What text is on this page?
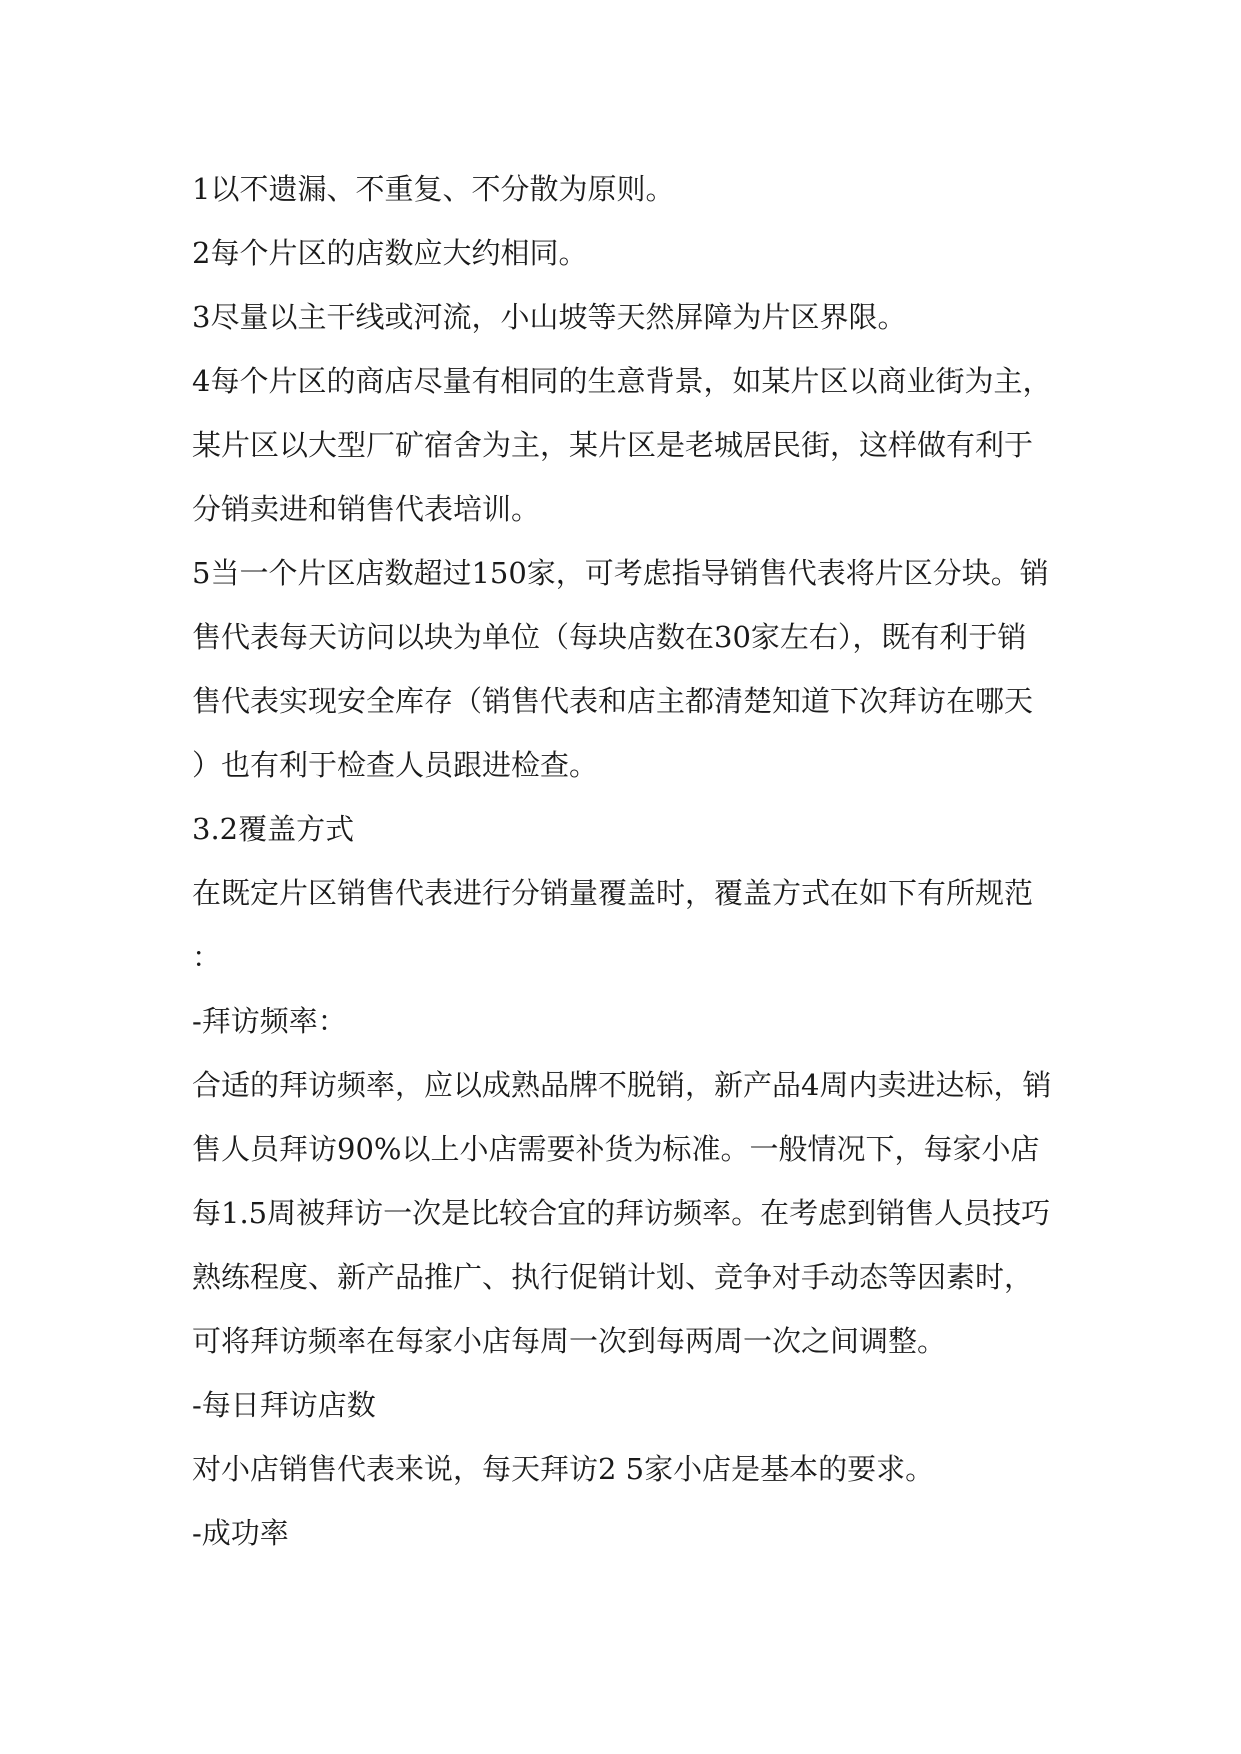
1以不遗漏、不重复、不分散为原则。
2每个片区的店数应大约相同。
3尽量以主干线或河流，小山坡等天然屏障为片区界限。
4每个片区的商店尽量有相同的生意背景，如某片区以商业街为主，
某片区以大型厂矿宿舍为主，某片区是老城居民街，这样做有利于
分销卖进和销售代表培训。
5当一个片区店数超过150家，可考虑指导销售代表将片区分块。销
售代表每天访问以块为单位（每块店数在30家左右），既有利于销
售代表实现安全库存（销售代表和店主都清楚知道下次拜访在哪天
）也有利于检查人员跟进检查。
3.2覆盖方式
在既定片区销售代表进行分销量覆盖时，覆盖方式在如下有所规范
：
-拜访频率：
合适的拜访频率，应以成熟品牌不脱销，新产品4周内卖进达标，销
售人员拜访90%以上小店需要补货为标准。一般情况下，每家小店
每1.5周被拜访一次是比较合宜的拜访频率。在考虑到销售人员技巧
熟练程度、新产品推广、执行促销计划、竞争对手动态等因素时，
可将拜访频率在每家小店每周一次到每两周一次之间调整。
-每日拜访店数
对小店销售代表来说，每天拜访2 5家小店是基本的要求。
-成功率
